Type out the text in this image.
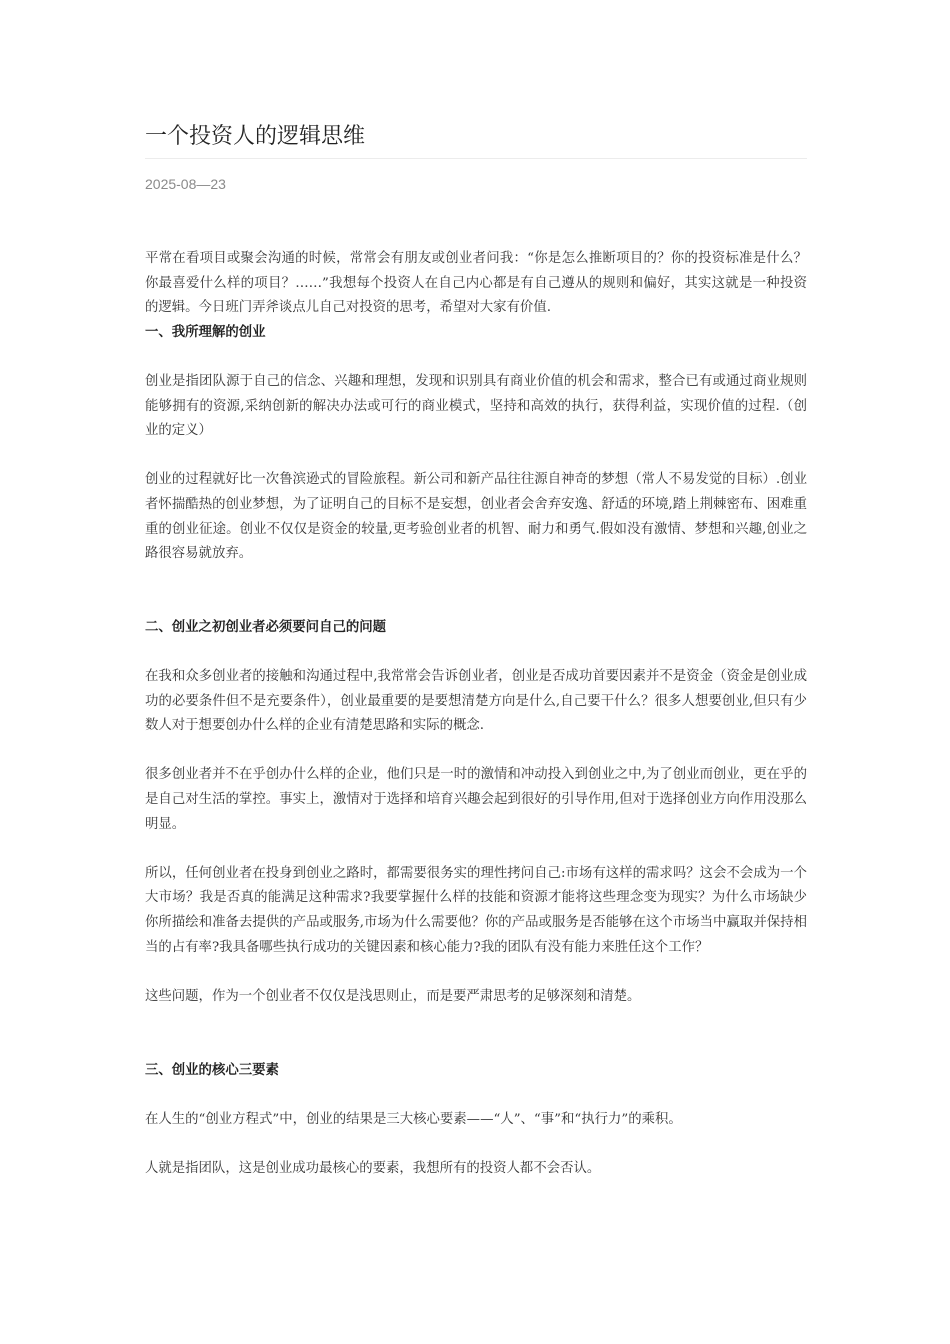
一个投资人的逻辑思维
2025-08—23

平常在看项目或聚会沟通的时候，常常会有朋友或创业者问我：“你是怎么推断项目的？你的投资标准是什么？你最喜爱什么样的项目？……”我想每个投资人在自己内心都是有自己遵从的规则和偏好，其实这就是一种投资的逻辑。今日班门弄斧谈点儿自己对投资的思考，希望对大家有价值.

一、我所理解的创业

创业是指团队源于自己的信念、兴趣和理想，发现和识别具有商业价值的机会和需求，整合已有或通过商业规则能够拥有的资源,采纳创新的解决办法或可行的商业模式，坚持和高效的执行，获得利益，实现价值的过程.（创业的定义）

创业的过程就好比一次鲁滨逊式的冒险旅程。新公司和新产品往往源自神奇的梦想（常人不易发觉的目标）.创业者怀揣酷热的创业梦想，为了证明自己的目标不是妄想，创业者会舍弃安逸、舒适的环境,踏上荆棘密布、困难重重的创业征途。创业不仅仅是资金的较量,更考验创业者的机智、耐力和勇气.假如没有激情、梦想和兴趣,创业之路很容易就放弃。

二、创业之初创业者必须要问自己的问题

在我和众多创业者的接触和沟通过程中,我常常会告诉创业者，创业是否成功首要因素并不是资金（资金是创业成功的必要条件但不是充要条件），创业最重要的是要想清楚方向是什么,自己要干什么？很多人想要创业,但只有少数人对于想要创办什么样的企业有清楚思路和实际的概念.

很多创业者并不在乎创办什么样的企业，他们只是一时的激情和冲动投入到创业之中,为了创业而创业，更在乎的是自己对生活的掌控。事实上，激情对于选择和培育兴趣会起到很好的引导作用,但对于选择创业方向作用没那么明显。

所以，任何创业者在投身到创业之路时，都需要很务实的理性拷问自己:市场有这样的需求吗？这会不会成为一个大市场？我是否真的能满足这种需求?我要掌握什么样的技能和资源才能将这些理念变为现实？为什么市场缺少你所描绘和准备去提供的产品或服务,市场为什么需要他？你的产品或服务是否能够在这个市场当中赢取并保持相当的占有率?我具备哪些执行成功的关键因素和核心能力?我的团队有没有能力来胜任这个工作？

这些问题，作为一个创业者不仅仅是浅思则止，而是要严肃思考的足够深刻和清楚。

三、创业的核心三要素

在人生的“创业方程式”中，创业的结果是三大核心要素——“人”、“事”和“执行力”的乘积。

人就是指团队，这是创业成功最核心的要素，我想所有的投资人都不会否认。
